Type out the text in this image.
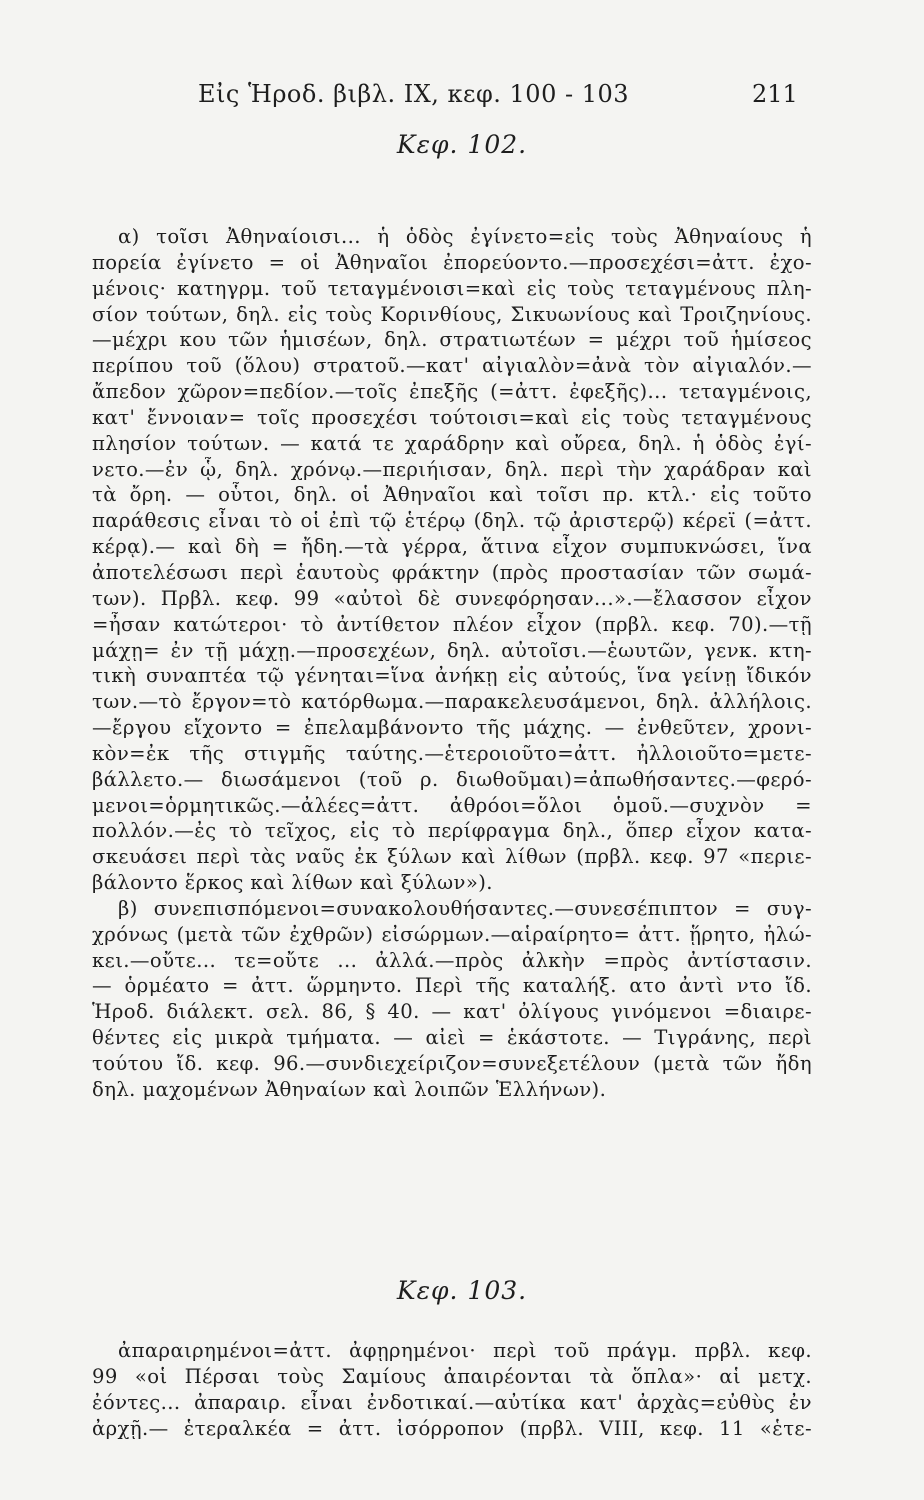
Εἰς Ἡροδ. βιβλ. IX, κεφ. 100 - 103	211
Κεφ. 102.
α) τοῖσι Ἀθηναίοισι... ἡ ὁδὸς ἐγίνετο=εἰς τοὺς Ἀθηναίους ἡ
πορεία ἐγίνετο = οἱ Ἀθηναῖοι ἐπορεύοντο.—προσεχέσι=ἀττ. ἐχο-
μένοις· κατηγρμ. τοῦ τεταγμένοισι=καὶ εἰς τοὺς τεταγμένους πλη-
σίον τούτων, δηλ. εἰς τοὺς Κορινθίους, Σικυωνίους καὶ Τροιζηνίους.
—μέχρι κου τῶν ἡμισέων, δηλ. στρατιωτέων = μέχρι τοῦ ἡμίσεος
περίπου τοῦ (ὅλου) στρατοῦ.—κατ' αἰγιαλὸν=ἀνὰ τὸν αἰγιαλόν.—
ἄπεδον χῶρον=πεδίον.—τοῖς ἐπεξῆς (=ἀττ. ἐφεξῆς)... τεταγμένοις,
κατ' ἔννοιαν= τοῖς προσεχέσι τούτοισι=καὶ εἰς τοὺς τεταγμένους
πλησίον τούτων. — κατά τε χαράδρην καὶ οὔρεα, δηλ. ἡ ὁδὸς ἐγί-
νετο.—ἐν ᾧ, δηλ. χρόνῳ.—περιήισαν, δηλ. περὶ τὴν χαράδραν καὶ
τὰ ὄρη. — οὗτοι, δηλ. οἱ Ἀθηναῖοι καὶ τοῖσι πρ. κτλ.· εἰς τοῦτο
παράθεσις εἶναι τὸ οἱ ἐπὶ τῷ ἑτέρῳ (δηλ. τῷ ἀριστερῷ) κέρεϊ (=ἀττ.
κέρᾳ).— καὶ δὴ = ἤδη.—τὰ γέρρα, ἅτινα εἶχον συμπυκνώσει, ἵνα
ἀποτελέσωσι περὶ ἑαυτοὺς φράκτην (πρὸς προστασίαν τῶν σωμά-
των). Πρβλ. κεφ. 99 «αὐτοὶ δὲ συνεφόρησαν...».—ἔλασσον εἶχον
=ἦσαν κατώτεροι· τὸ ἀντίθετον πλέον εἶχον (πρβλ. κεφ. 70).—τῇ
μάχῃ= ἐν τῇ μάχῃ.—προσεχέων, δηλ. αὐτοῖσι.—ἑωυτῶν, γενκ. κτη-
τικὴ συναπτέα τῷ γένηται=ἵνα ἀνήκῃ εἰς αὐτούς, ἵνα γείνῃ ἴδικόν
των.—τὸ ἔργον=τὸ κατόρθωμα.—παρακελευσάμενοι, δηλ. ἀλλήλοις.
—ἔργου εἴχοντο = ἐπελαμβάνοντο τῆς μάχης. — ἐνθεῦτεν, χρονι-
κὸν=ἐκ τῆς στιγμῆς ταύτης.—ἑτεροιοῦτο=ἀττ. ἠλλοιοῦτο=μετε-
βάλλετο.— διωσάμενοι (τοῦ ρ. διωθοῦμαι)=ἀπωθήσαντες.—φερό-
μενοι=ὁρμητικῶς.—ἀλέες=ἀττ. ἀθρόοι=ὅλοι ὁμοῦ.—συχνὸν =
πολλόν.—ἐς τὸ τεῖχος, εἰς τὸ περίφραγμα δηλ., ὅπερ εἶχον κατα-
σκευάσει περὶ τὰς ναῦς ἐκ ξύλων καὶ λίθων (πρβλ. κεφ. 97 «περιε-
βάλοντο ἕρκος καὶ λίθων καὶ ξύλων»).
β) συνεπισπόμενοι=συνακολουθήσαντες.—συνεσέπιπτον = συγ-
χρόνως (μετὰ τῶν ἐχθρῶν) εἰσώρμων.—αἱραίρητο= ἀττ. ᾕρητο, ἠλώ-
κει.—οὔτε... τε=οὔτε ... ἀλλά.—πρὸς ἀλκὴν =πρὸς ἀντίστασιν.
— ὁρμέατο = ἀττ. ὥρμηντο. Περὶ τῆς καταλήξ. ατο ἀντὶ ντο ἴδ.
Ἡροδ. διάλεκτ. σελ. 86, § 40. — κατ' ὀλίγους γινόμενοι =διαιρε-
θέντες εἰς μικρὰ τμήματα. — αἰεὶ = ἑκάστοτε. — Τιγράνης, περὶ
τούτου ἴδ. κεφ. 96.—συνδιεχείριζον=συνεξετέλουν (μετὰ τῶν ἤδη
δηλ. μαχομένων Ἀθηναίων καὶ λοιπῶν Ἑλλήνων).
Κεφ. 103.
ἀπαραιρημένοι=ἀττ. ἀφῃρημένοι· περὶ τοῦ πράγμ. πρβλ. κεφ.
99 «οἱ Πέρσαι τοὺς Σαμίους ἀπαιρέονται τὰ ὅπλα»· αἱ μετχ.
ἐόντες... ἀπαραιρ. εἶναι ἐνδοτικαί.—αὐτίκα κατ' ἀρχὰς=εὐθὺς ἐν
ἀρχῇ.— ἑτεραλκέα = ἀττ. ἰσόρροπον (πρβλ. VIII, κεφ. 11 «ἑτε-
